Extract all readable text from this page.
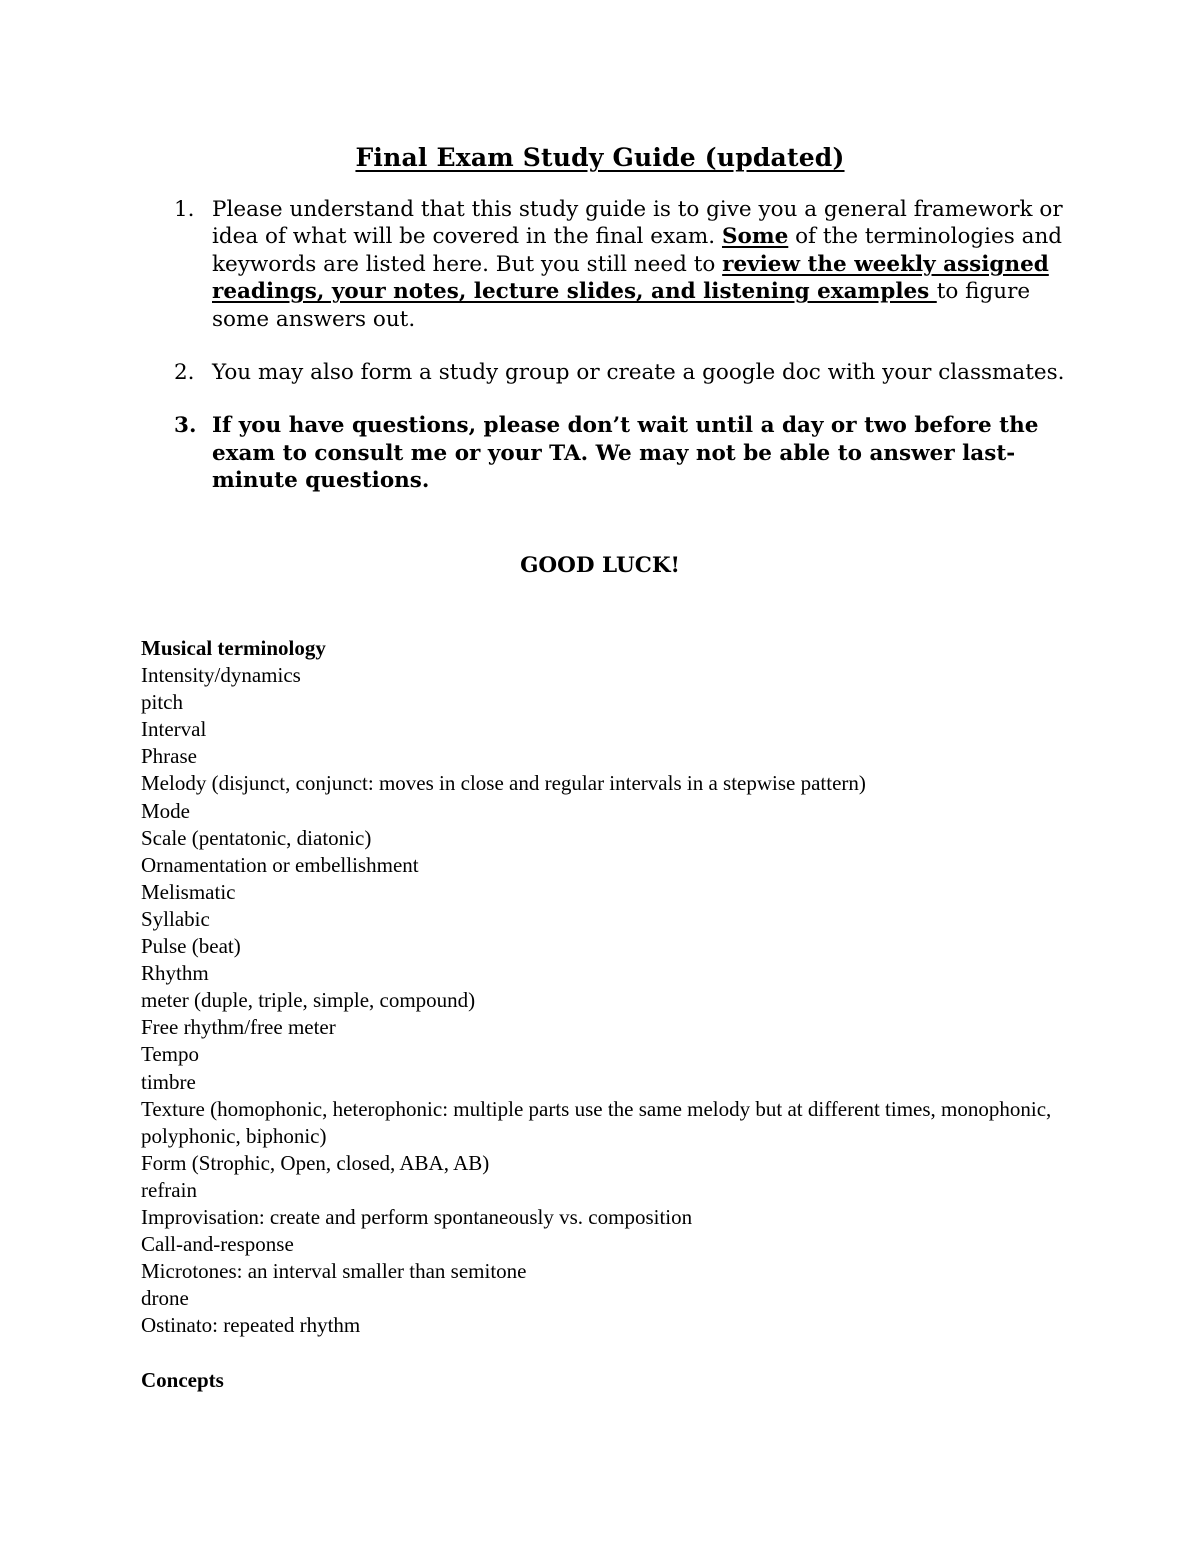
Final Exam Study Guide (updated)
1. Please understand that this study guide is to give you a general framework or idea of what will be covered in the final exam. Some of the terminologies and keywords are listed here. But you still need to review the weekly assigned readings, your notes, lecture slides, and listening examples to figure some answers out.
2. You may also form a study group or create a google doc with your classmates.
3. If you have questions, please don’t wait until a day or two before the exam to consult me or your TA. We may not be able to answer last-minute questions.
GOOD LUCK!
Musical terminology
Intensity/dynamics
pitch
Interval
Phrase
Melody (disjunct, conjunct: moves in close and regular intervals in a stepwise pattern)
Mode
Scale (pentatonic, diatonic)
Ornamentation or embellishment
Melismatic
Syllabic
Pulse (beat)
Rhythm
meter (duple, triple, simple, compound)
Free rhythm/free meter
Tempo
timbre
Texture (homophonic, heterophonic: multiple parts use the same melody but at different times, monophonic, polyphonic, biphonic)
Form (Strophic, Open, closed, ABA, AB)
refrain
Improvisation: create and perform spontaneously vs. composition
Call-and-response
Microtones: an interval smaller than semitone
drone
Ostinato: repeated rhythm
Concepts
